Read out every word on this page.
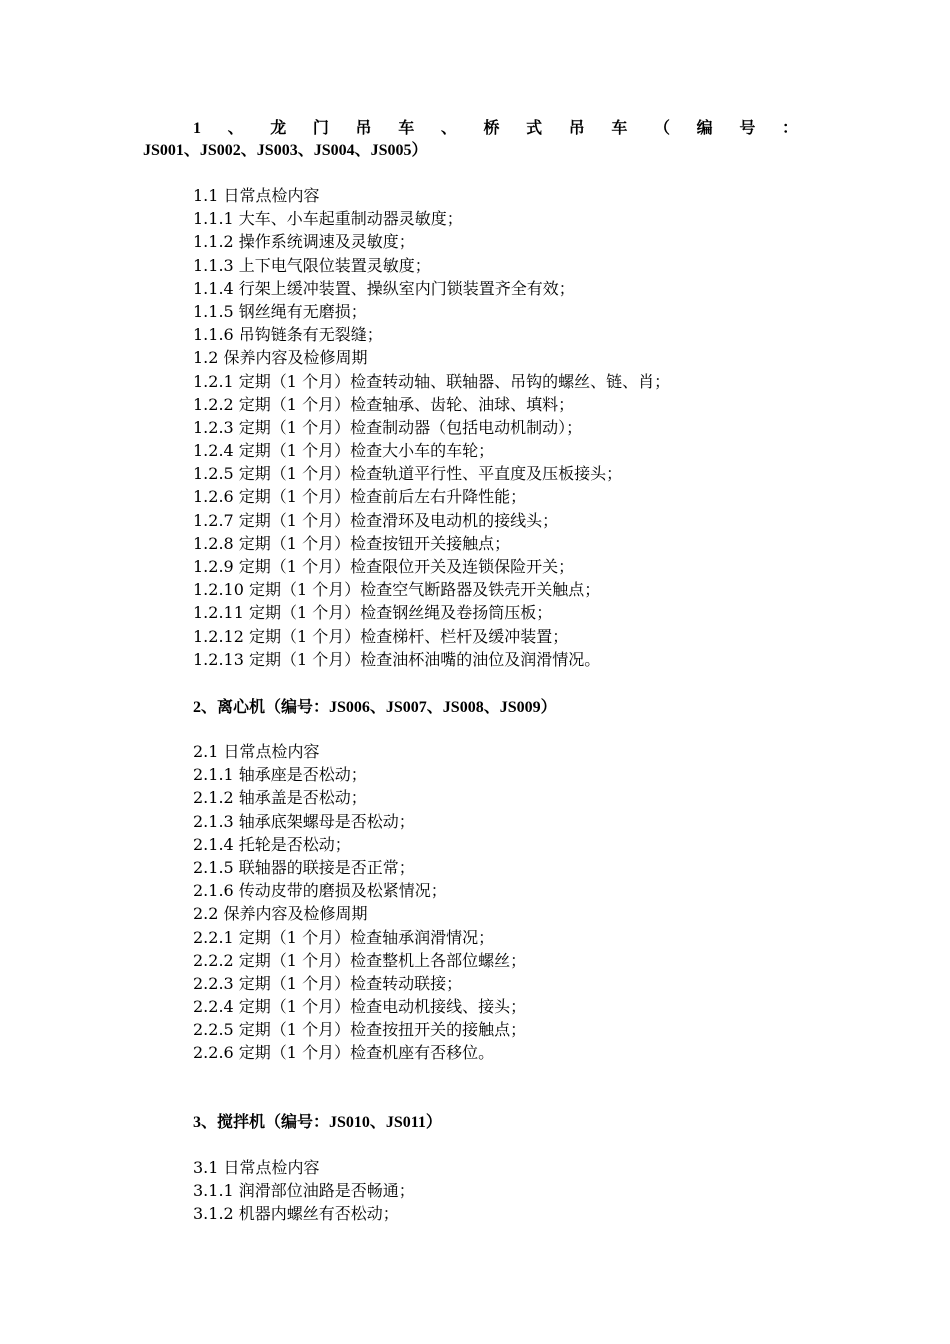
1 、 龙 门 吊 车 、 桥 式 吊 车 （ 编 号 ：
JS001、JS002、JS003、JS004、JS005）
1.1 日常点检内容
1.1.1 大车、小车起重制动器灵敏度；
1.1.2 操作系统调速及灵敏度；
1.1.3 上下电气限位装置灵敏度；
1.1.4 行架上缓冲装置、操纵室内门锁装置齐全有效；
1.1.5 钢丝绳有无磨损；
1.1.6 吊钩链条有无裂缝；
1.2 保养内容及检修周期
1.2.1 定期（1 个月）检查转动轴、联轴器、吊钩的螺丝、链、肖；
1.2.2 定期（1 个月）检查轴承、齿轮、油球、填料；
1.2.3 定期（1 个月）检查制动器（包括电动机制动）；
1.2.4 定期（1 个月）检查大小车的车轮；
1.2.5 定期（1 个月）检查轨道平行性、平直度及压板接头；
1.2.6 定期（1 个月）检查前后左右升降性能；
1.2.7 定期（1 个月）检查滑环及电动机的接线头；
1.2.8 定期（1 个月）检查按钮开关接触点；
1.2.9 定期（1 个月）检查限位开关及连锁保险开关；
1.2.10 定期（1 个月）检查空气断路器及铁壳开关触点；
1.2.11 定期（1 个月）检查钢丝绳及卷扬筒压板；
1.2.12 定期（1 个月）检查梯杆、栏杆及缓冲装置；
1.2.13 定期（1 个月）检查油杯油嘴的油位及润滑情况。
2、离心机（编号：JS006、JS007、JS008、JS009）
2.1 日常点检内容
2.1.1 轴承座是否松动；
2.1.2 轴承盖是否松动；
2.1.3 轴承底架螺母是否松动；
2.1.4 托轮是否松动；
2.1.5 联轴器的联接是否正常；
2.1.6 传动皮带的磨损及松紧情况；
2.2 保养内容及检修周期
2.2.1 定期（1 个月）检查轴承润滑情况；
2.2.2 定期（1 个月）检查整机上各部位螺丝；
2.2.3 定期（1 个月）检查转动联接；
2.2.4 定期（1 个月）检查电动机接线、接头；
2.2.5 定期（1 个月）检查按扭开关的接触点；
2.2.6 定期（1 个月）检查机座有否移位。
3、搅拌机（编号：JS010、JS011）
3.1 日常点检内容
3.1.1 润滑部位油路是否畅通；
3.1.2 机器内螺丝有否松动；
